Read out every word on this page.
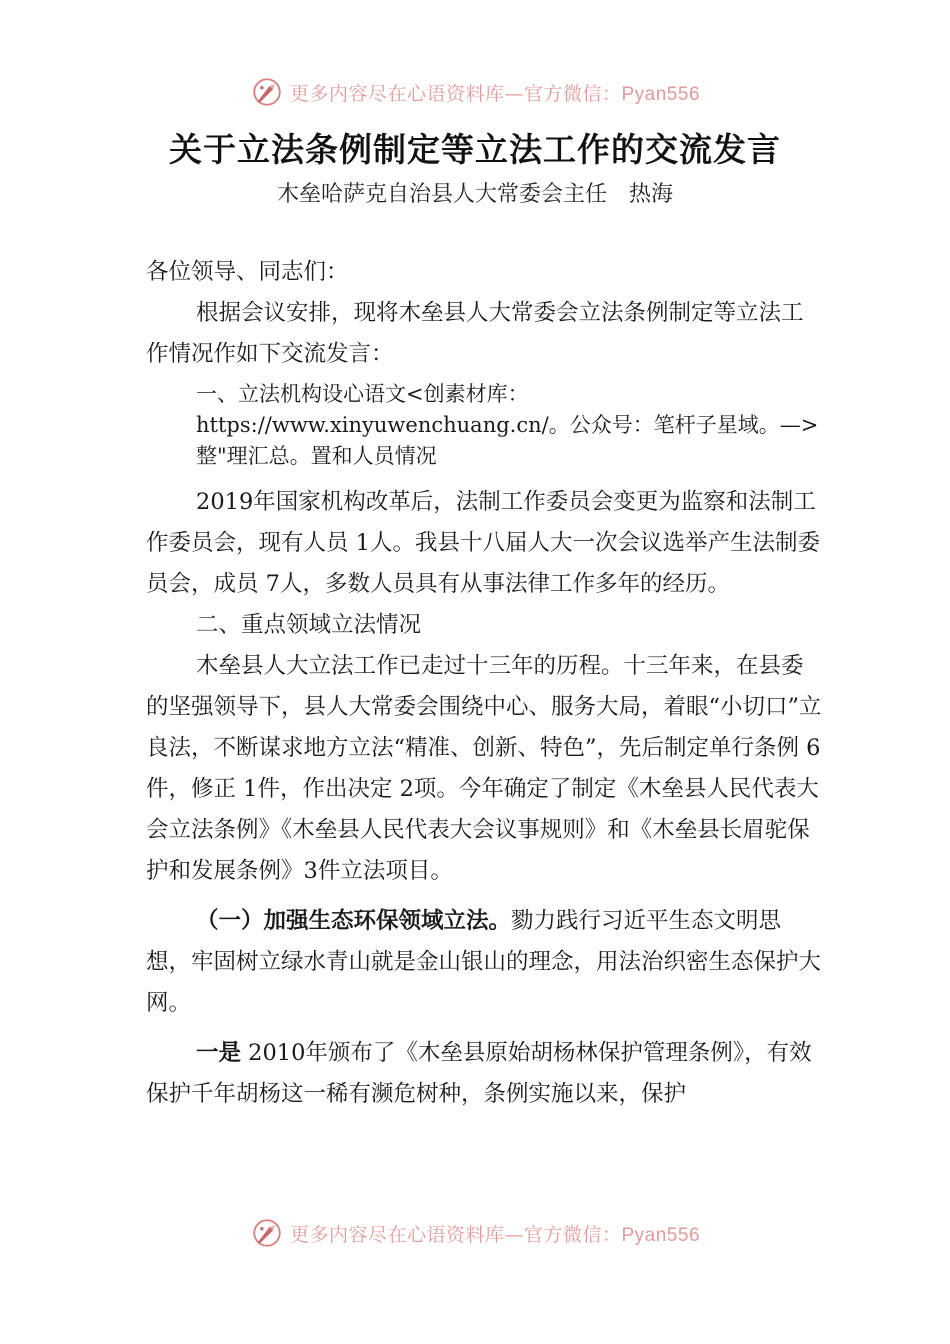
更多内容尽在心语资料库—官方微信：Pyan556
关于立法条例制定等立法工作的交流发言
木垒哈萨克自治县人大常委会主任　热海

各位领导、同志们：

根据会议安排，现将木垒县人大常委会立法条例制定等立法工作情况作如下交流发言：

一、立法机构设心语文<创素材库：https://www.xinyuwenchuang.cn/。公众号：笔杆子星域。—>整"理汇总。置和人员情况

2019年国家机构改革后，法制工作委员会变更为监察和法制工作委员会，现有人员 1人。我县十八届人大一次会议选举产生法制委员会，成员 7人，多数人员具有从事法律工作多年的经历。

二、重点领域立法情况

木垒县人大立法工作已走过十三年的历程。十三年来，在县委的坚强领导下，县人大常委会围绕中心、服务大局，着眼“小切口”立良法，不断谋求地方立法“精准、创新、特色”，先后制定单行条例 6件，修正 1件，作出决定 2项。今年确定了制定《木垒县人民代表大会立法条例》《木垒县人民代表大会议事规则》和《木垒县长眉驼保护和发展条例》3件立法项目。

（一）加强生态环保领域立法。勠力践行习近平生态文明思想，牢固树立绿水青山就是金山银山的理念，用法治织密生态保护大网。

一是 2010年颁布了《木垒县原始胡杨林保护管理条例》，有效保护千年胡杨这一稀有濒危树种，条例实施以来，保护

更多内容尽在心语资料库—官方微信：Pyan556
